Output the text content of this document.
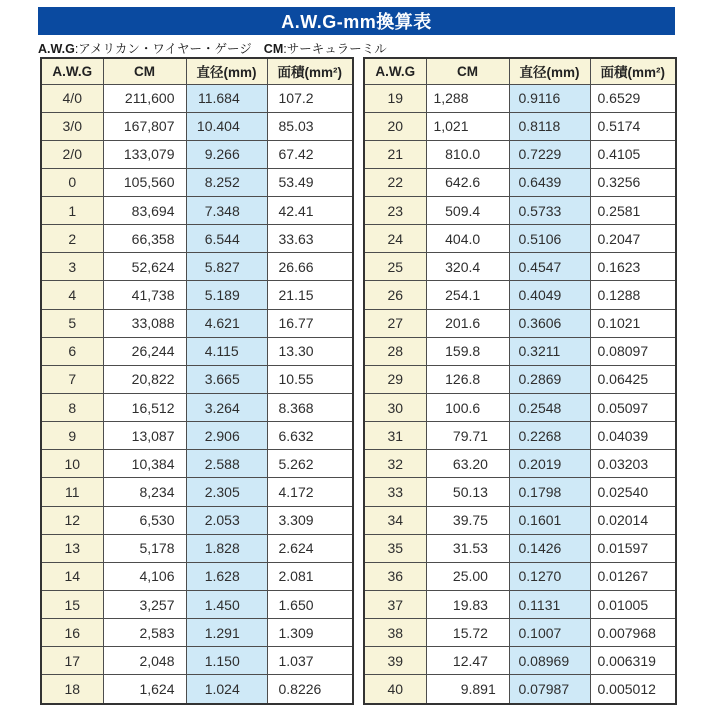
A.W.G-mm換算表
A.W.G:アメリカン・ワイヤー・ゲージ CM:サーキュラーミル
A.W.G	CM	直径(mm)	面積(mm²)
4/0	211,600	11.684	107.2
3/0	167,807	10.404	85.03
2/0	133,079	9.266	67.42
0	105,560	8.252	53.49
1	83,694	7.348	42.41
2	66,358	6.544	33.63
3	52,624	5.827	26.66
4	41,738	5.189	21.15
5	33,088	4.621	16.77
6	26,244	4.115	13.30
7	20,822	3.665	10.55
8	16,512	3.264	8.368
9	13,087	2.906	6.632
10	10,384	2.588	5.262
11	8,234	2.305	4.172
12	6,530	2.053	3.309
13	5,178	1.828	2.624
14	4,106	1.628	2.081
15	3,257	1.450	1.650
16	2,583	1.291	1.309
17	2,048	1.150	1.037
18	1,624	1.024	0.8226
A.W.G	CM	直径(mm)	面積(mm²)
19	1,288	0.9116	0.6529
20	1,021	0.8118	0.5174
21	810.0	0.7229	0.4105
22	642.6	0.6439	0.3256
23	509.4	0.5733	0.2581
24	404.0	0.5106	0.2047
25	320.4	0.4547	0.1623
26	254.1	0.4049	0.1288
27	201.6	0.3606	0.1021
28	159.8	0.3211	0.08097
29	126.8	0.2869	0.06425
30	100.6	0.2548	0.05097
31	79.71	0.2268	0.04039
32	63.20	0.2019	0.03203
33	50.13	0.1798	0.02540
34	39.75	0.1601	0.02014
35	31.53	0.1426	0.01597
36	25.00	0.1270	0.01267
37	19.83	0.1131	0.01005
38	15.72	0.1007	0.007968
39	12.47	0.08969	0.006319
40	9.891	0.07987	0.005012
